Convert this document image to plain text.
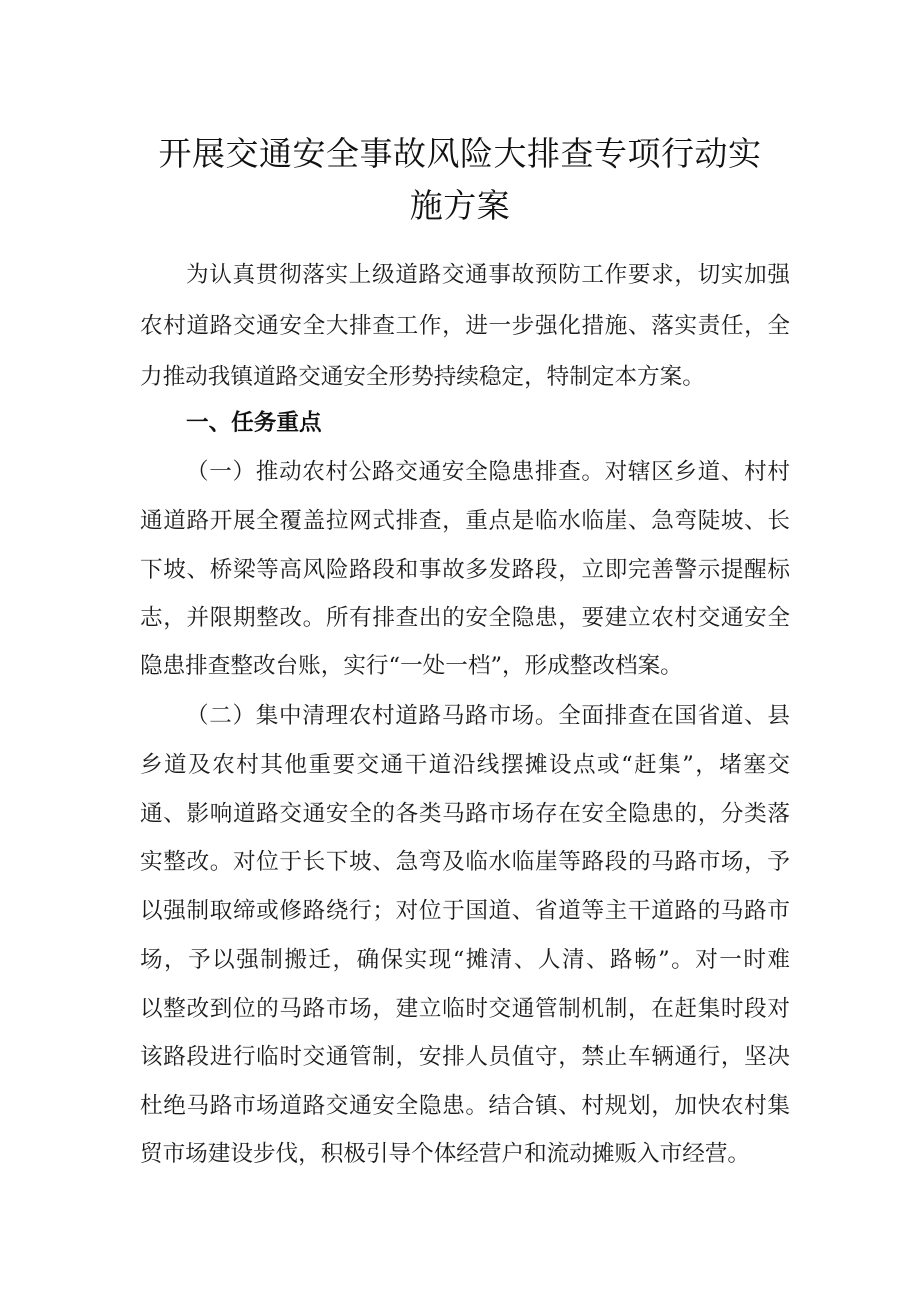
开展交通安全事故风险大排查专项行动实
施方案
为认真贯彻落实上级道路交通事故预防工作要求，切实加强
农村道路交通安全大排查工作，进一步强化措施、落实责任，全
力推动我镇道路交通安全形势持续稳定，特制定本方案。
一、任务重点
（一）推动农村公路交通安全隐患排查。对辖区乡道、村村
通道路开展全覆盖拉网式排查，重点是临水临崖、急弯陡坡、长
下坡、桥梁等高风险路段和事故多发路段，立即完善警示提醒标
志，并限期整改。所有排查出的安全隐患，要建立农村交通安全
隐患排查整改台账，实行“一处一档”，形成整改档案。
（二）集中清理农村道路马路市场。全面排查在国省道、县
乡道及农村其他重要交通干道沿线摆摊设点或“赶集”，堵塞交
通、影响道路交通安全的各类马路市场存在安全隐患的，分类落
实整改。对位于长下坡、急弯及临水临崖等路段的马路市场，予
以强制取缔或修路绕行；对位于国道、省道等主干道路的马路市
场，予以强制搬迁，确保实现“摊清、人清、路畅”。对一时难
以整改到位的马路市场，建立临时交通管制机制，在赶集时段对
该路段进行临时交通管制，安排人员值守，禁止车辆通行，坚决
杜绝马路市场道路交通安全隐患。结合镇、村规划，加快农村集
贸市场建设步伐，积极引导个体经营户和流动摊贩入市经营。
